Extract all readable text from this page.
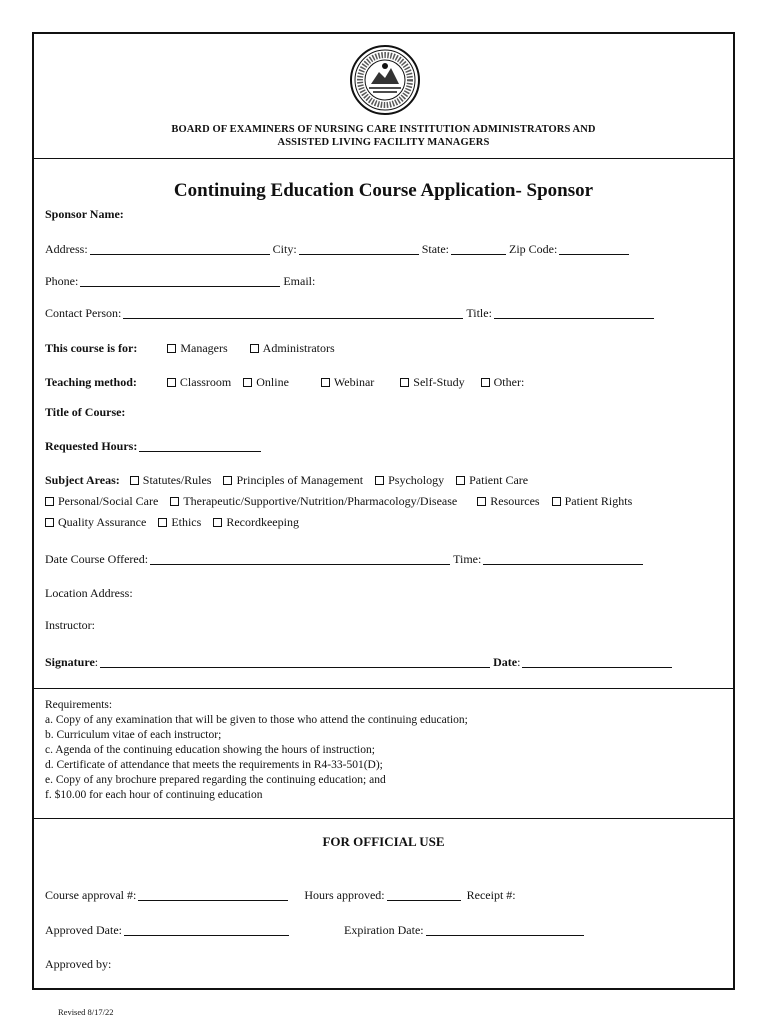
BOARD OF EXAMINERS OF NURSING CARE INSTITUTION ADMINISTRATORS AND
ASSISTED LIVING FACILITY MANAGERS
Continuing Education Course Application- Sponsor
Sponsor Name:
Address:	City:	State:	Zip Code:
Phone:	Email:
Contact Person:	Title:
This course is for:	Managers	Administrators
Teaching method:	Classroom	Online	Webinar	Self-Study	Other:
Title of Course:
Requested Hours:
Subject Areas:	Statutes/Rules	Principles of Management	Psychology	Patient Care
Personal/Social Care	Therapeutic/Supportive/Nutrition/Pharmacology/Disease	Resources	Patient Rights
Quality Assurance	Ethics	Recordkeeping
Date Course Offered:	Time:
Location Address:
Instructor:
Signature :	Date :
Requirements:
a. Copy of any examination that will be given to those who attend the continuing education;
b. Curriculum vitae of each instructor;
c. Agenda of the continuing education showing the hours of instruction;
d. Certificate of attendance that meets the requirements in R4-33-501(D);
e. Copy of any brochure prepared regarding the continuing education; and
f. $10.00 for each hour of continuing education
FOR OFFICIAL USE
Course approval #:	Hours approved:	Receipt #:
Approved Date:	Expiration Date:
Approved by:
Revised 8/17/22
